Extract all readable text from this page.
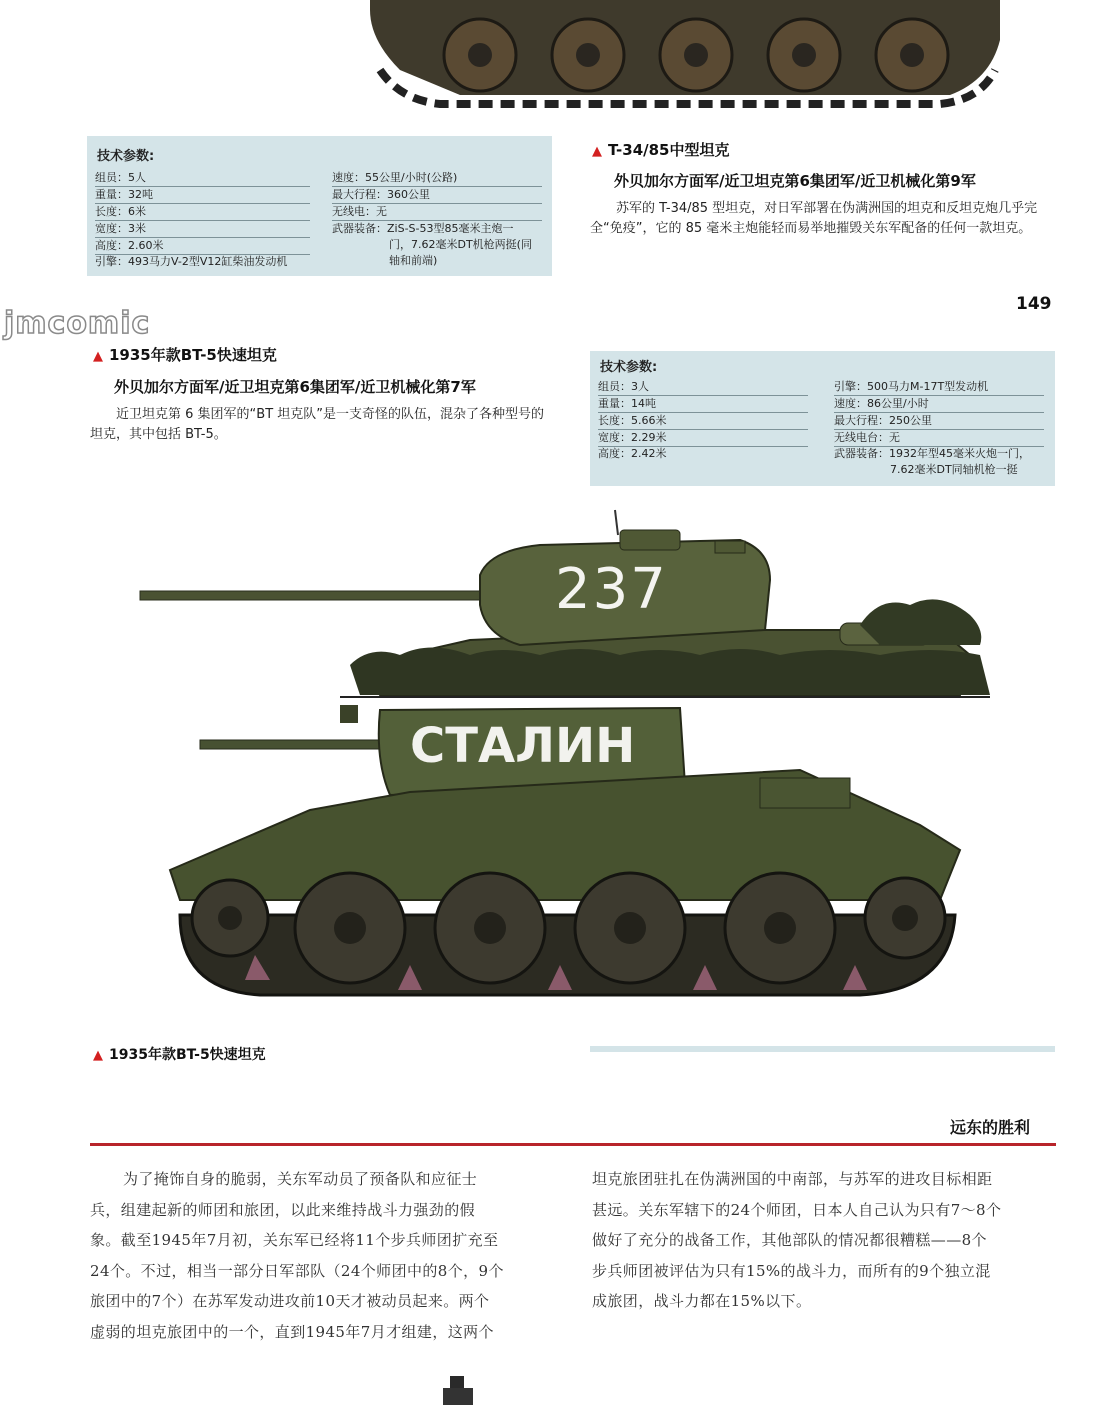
技术参数:
组员：5人
重量：32吨
长度：6米
宽度：3米
高度：2.60米
引擎：493马力V-2型V12缸柴油发动机
速度：55公里/小时(公路)
最大行程：360公里
无线电：无
武器装备：ZiS-S-53型85毫米主炮一
门，7.62毫米DT机枪两挺(同
轴和前端)
▲ T-34/85中型坦克
外贝加尔方面军/近卫坦克第6集团军/近卫机械化第9军
苏军的 T-34/85 型坦克，对日军部署在伪满洲国的坦克和反坦克炮几乎完全“免疫”，它的 85 毫米主炮能轻而易举地摧毁关东军配备的任何一款坦克。
149
jmcomic
▲ 1935年款BT-5快速坦克
外贝加尔方面军/近卫坦克第6集团军/近卫机械化第7军
近卫坦克第 6 集团军的“BT 坦克队”是一支奇怪的队伍，混杂了各种型号的坦克，其中包括 BT-5。
技术参数:
组员：3人
重量：14吨
长度：5.66米
宽度：2.29米
高度：2.42米
引擎：500马力M-17T型发动机
速度：86公里/小时
最大行程：250公里
无线电台：无
武器装备：1932年型45毫米火炮一门，
7.62毫米DT同轴机枪一挺
237
СТАЛИН
▲ 1935年款BT-5快速坦克
远东的胜利
为了掩饰自身的脆弱，关东军动员了预备队和应征士
兵，组建起新的师团和旅团，以此来维持战斗力强劲的假
象。截至1945年7月初，关东军已经将11个步兵师团扩充至
24个。不过，相当一部分日军部队（24个师团中的8个，9个
旅团中的7个）在苏军发动进攻前10天才被动员起来。两个
虚弱的坦克旅团中的一个，直到1945年7月才组建，这两个
坦克旅团驻扎在伪满洲国的中南部，与苏军的进攻目标相距
甚远。关东军辖下的24个师团，日本人自己认为只有7～8个
做好了充分的战备工作，其他部队的情况都很糟糕——8个
步兵师团被评估为只有15%的战斗力，而所有的9个独立混
成旅团，战斗力都在15%以下。
